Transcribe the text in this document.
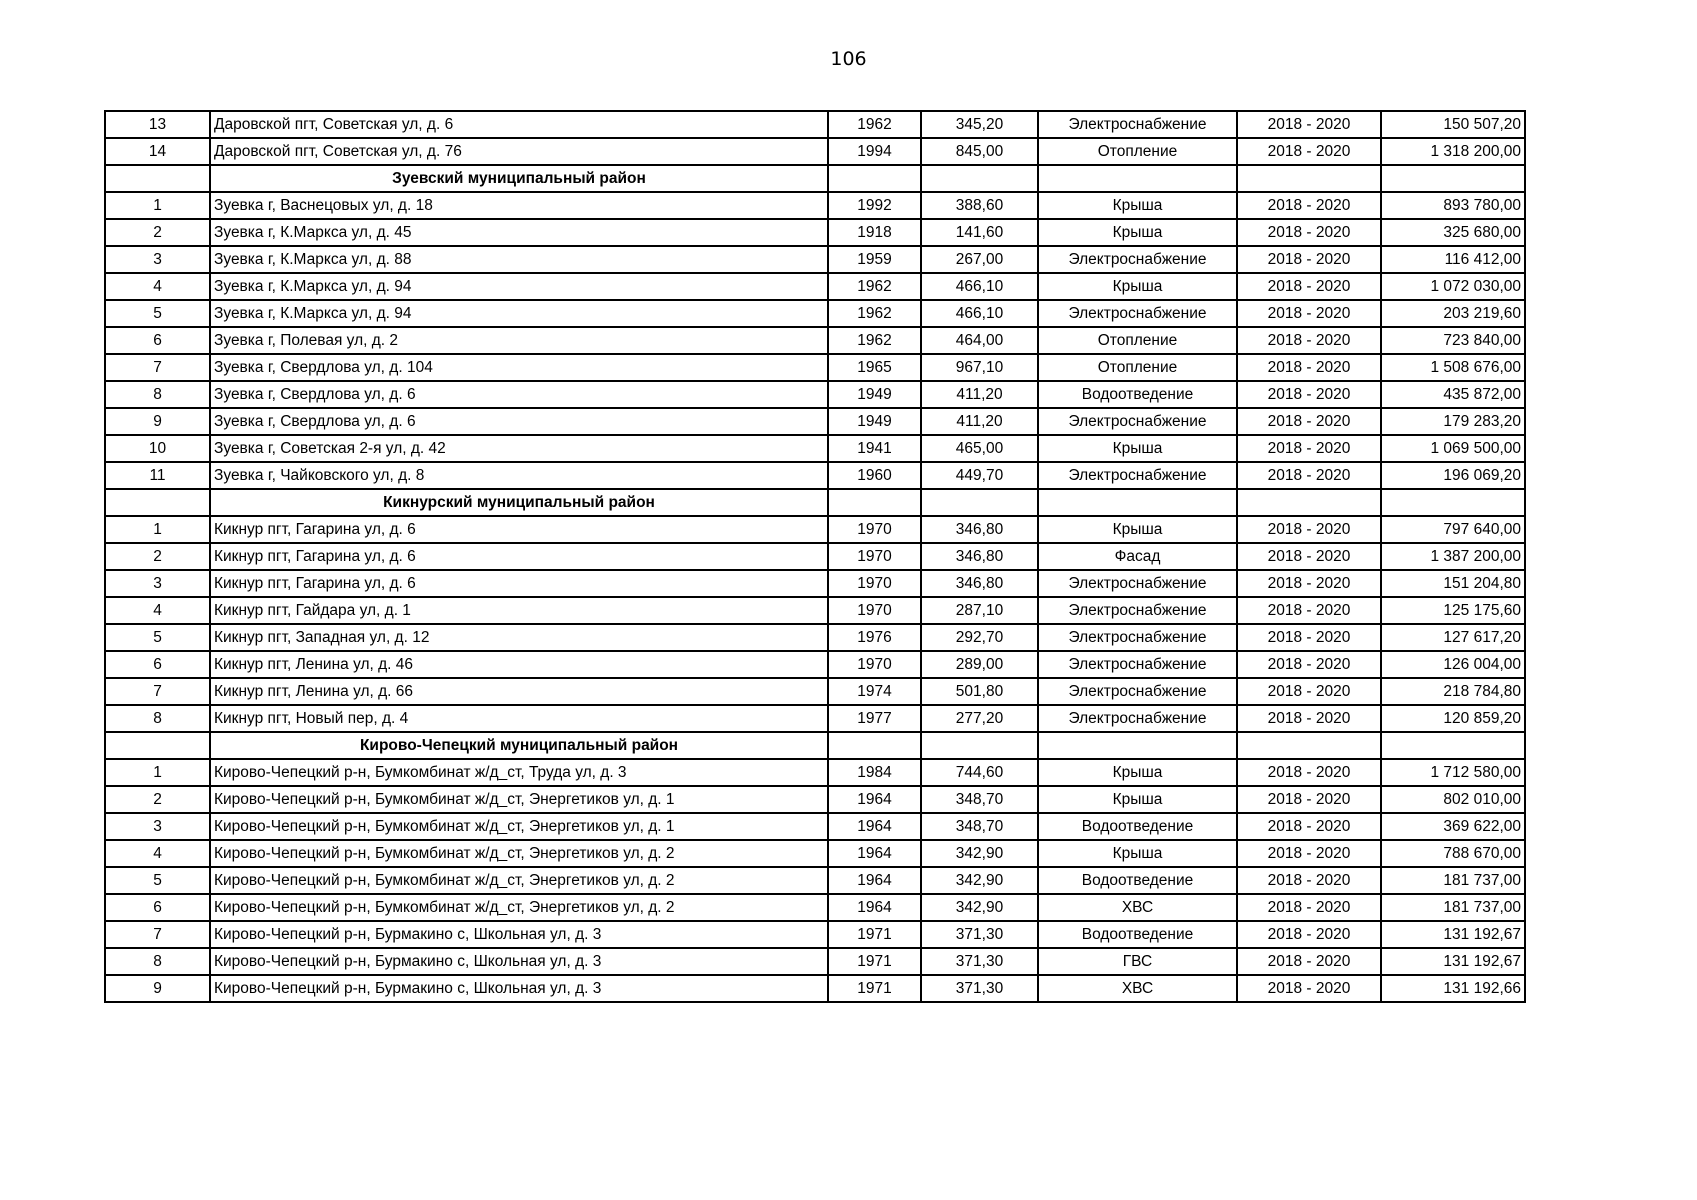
106
13	Даровской пгт, Советская ул, д. 6	1962	345,20	Электроснабжение	2018 - 2020	150 507,20
14	Даровской пгт, Советская ул, д. 76	1994	845,00	Отопление	2018 - 2020	1 318 200,00
	Зуевский муниципальный район					
1	Зуевка г, Васнецовых ул, д. 18	1992	388,60	Крыша	2018 - 2020	893 780,00
2	Зуевка г, К.Маркса ул, д. 45	1918	141,60	Крыша	2018 - 2020	325 680,00
3	Зуевка г, К.Маркса ул, д. 88	1959	267,00	Электроснабжение	2018 - 2020	116 412,00
4	Зуевка г, К.Маркса ул, д. 94	1962	466,10	Крыша	2018 - 2020	1 072 030,00
5	Зуевка г, К.Маркса ул, д. 94	1962	466,10	Электроснабжение	2018 - 2020	203 219,60
6	Зуевка г, Полевая ул, д. 2	1962	464,00	Отопление	2018 - 2020	723 840,00
7	Зуевка г, Свердлова ул, д. 104	1965	967,10	Отопление	2018 - 2020	1 508 676,00
8	Зуевка г, Свердлова ул, д. 6	1949	411,20	Водоотведение	2018 - 2020	435 872,00
9	Зуевка г, Свердлова ул, д. 6	1949	411,20	Электроснабжение	2018 - 2020	179 283,20
10	Зуевка г, Советская 2-я ул, д. 42	1941	465,00	Крыша	2018 - 2020	1 069 500,00
11	Зуевка г, Чайковского ул, д. 8	1960	449,70	Электроснабжение	2018 - 2020	196 069,20
	Кикнурский муниципальный район					
1	Кикнур пгт, Гагарина ул, д. 6	1970	346,80	Крыша	2018 - 2020	797 640,00
2	Кикнур пгт, Гагарина ул, д. 6	1970	346,80	Фасад	2018 - 2020	1 387 200,00
3	Кикнур пгт, Гагарина ул, д. 6	1970	346,80	Электроснабжение	2018 - 2020	151 204,80
4	Кикнур пгт, Гайдара ул, д. 1	1970	287,10	Электроснабжение	2018 - 2020	125 175,60
5	Кикнур пгт, Западная ул, д. 12	1976	292,70	Электроснабжение	2018 - 2020	127 617,20
6	Кикнур пгт, Ленина ул, д. 46	1970	289,00	Электроснабжение	2018 - 2020	126 004,00
7	Кикнур пгт, Ленина ул, д. 66	1974	501,80	Электроснабжение	2018 - 2020	218 784,80
8	Кикнур пгт, Новый пер, д. 4	1977	277,20	Электроснабжение	2018 - 2020	120 859,20
	Кирово-Чепецкий муниципальный район					
1	Кирово-Чепецкий р-н, Бумкомбинат ж/д_ст, Труда ул, д. 3	1984	744,60	Крыша	2018 - 2020	1 712 580,00
2	Кирово-Чепецкий р-н, Бумкомбинат ж/д_ст, Энергетиков ул, д. 1	1964	348,70	Крыша	2018 - 2020	802 010,00
3	Кирово-Чепецкий р-н, Бумкомбинат ж/д_ст, Энергетиков ул, д. 1	1964	348,70	Водоотведение	2018 - 2020	369 622,00
4	Кирово-Чепецкий р-н, Бумкомбинат ж/д_ст, Энергетиков ул, д. 2	1964	342,90	Крыша	2018 - 2020	788 670,00
5	Кирово-Чепецкий р-н, Бумкомбинат ж/д_ст, Энергетиков ул, д. 2	1964	342,90	Водоотведение	2018 - 2020	181 737,00
6	Кирово-Чепецкий р-н, Бумкомбинат ж/д_ст, Энергетиков ул, д. 2	1964	342,90	ХВС	2018 - 2020	181 737,00
7	Кирово-Чепецкий р-н, Бурмакино с, Школьная ул, д. 3	1971	371,30	Водоотведение	2018 - 2020	131 192,67
8	Кирово-Чепецкий р-н, Бурмакино с, Школьная ул, д. 3	1971	371,30	ГВС	2018 - 2020	131 192,67
9	Кирово-Чепецкий р-н, Бурмакино с, Школьная ул, д. 3	1971	371,30	ХВС	2018 - 2020	131 192,66
